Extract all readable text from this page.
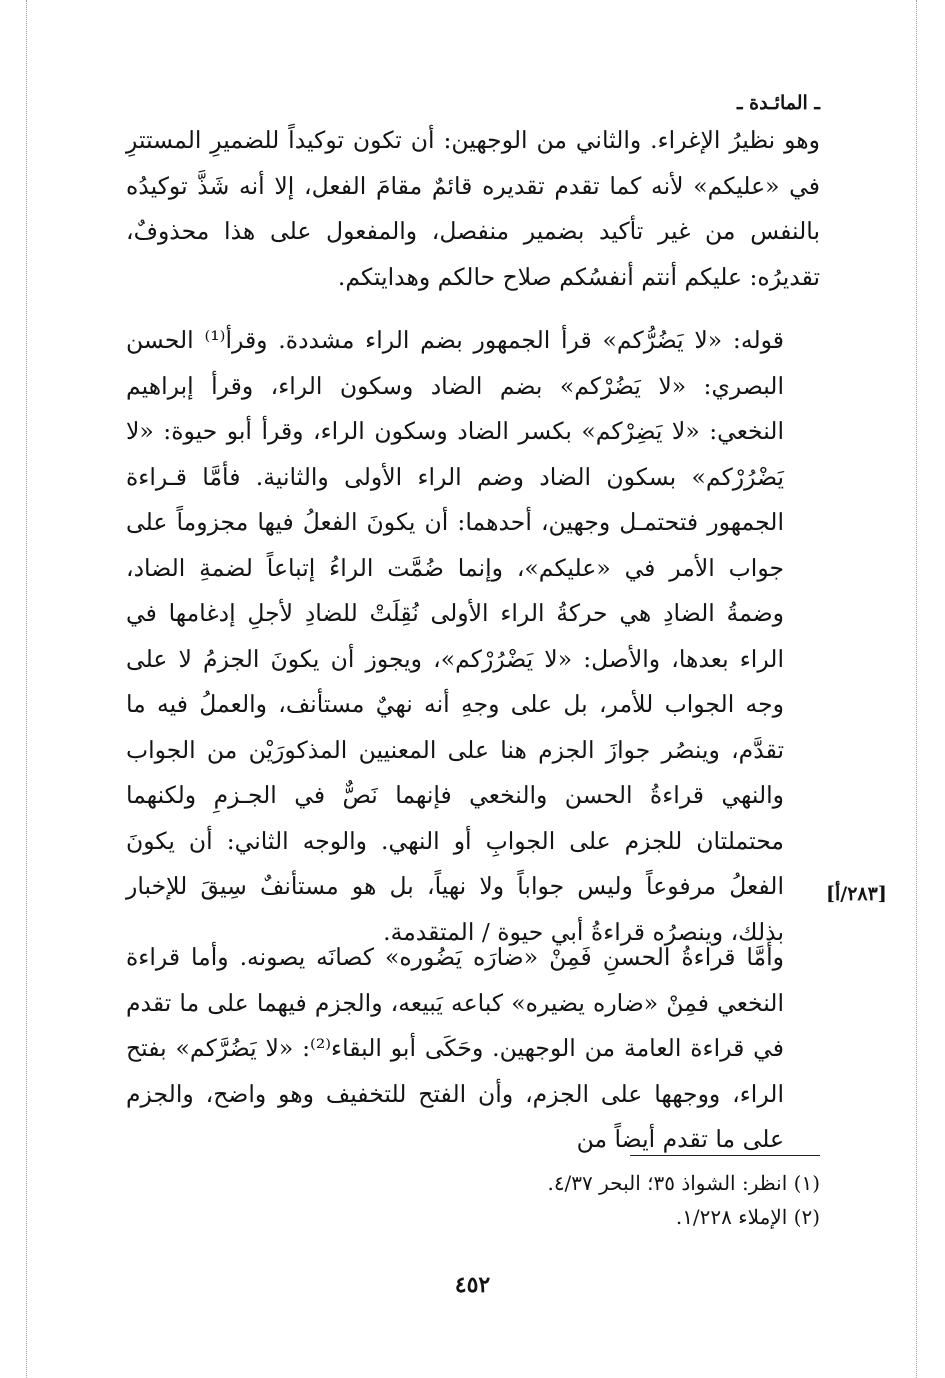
ـ المائـدة ـ

وهو نظيرُ الإغراء. والثاني من الوجهين: أن تكون توكيداً للضميرِ المستترِ في «عليكم» لأنه كما تقدم تقديره قائمٌ مقامَ الفعل، إلا أنه شَذَّ توكيدُه بالنفس من غير تأكيد بضمير منفصل، والمفعول على هذا محذوفٌ، تقديرُه: عليكم أنتم أنفسُكم صلاح حالكم وهدايتكم.

قوله: «لا يَضُرُّكم» قرأ الجمهور بضم الراء مشددة. وقرأ⁽¹⁾ الحسن البصري: «لا يَضُرْكم» بضم الضاد وسكون الراء، وقرأ إبراهيم النخعي: «لا يَضِرْكم» بكسر الضاد وسكون الراء، وقرأ أبو حيوة: «لا يَضْرُرْكم» بسكون الضاد وضم الراء الأولى والثانية. فأمَّا قـراءة الجمهور فتحتمـل وجهين، أحدهما: أن يكونَ الفعلُ فيها مجزوماً على جواب الأمر في «عليكم»، وإنما ضُمَّت الراءُ إتباعاً لضمةِ الضاد، وضمةُ الضادِ هي حركةُ الراء الأولى نُقِلَتْ للضادِ لأجلِ إدغامها في الراء بعدها، والأصل: «لا يَضْرُرْكم»، ويجوز أن يكونَ الجزمُ لا على وجه الجواب للأمر، بل على وجهِ أنه نهيٌ مستأنف، والعملُ فيه ما تقدَّم، وينصُر جوازَ الجزم هنا على المعنيين المذكورَيْن من الجواب والنهي قراءةُ الحسن والنخعي فإنهما نَصٌّ في الجـزمِ ولكنهما محتملتان للجزم على الجوابِ أو النهي. والوجه الثاني: أن يكونَ الفعلُ مرفوعاً وليس جواباً ولا نهياً، بل هو مستأنفٌ سِيقَ للإخبار بذلك، وينصرُه قراءةُ أبي حيوة / المتقدمة.

[٢٨٣/أ]

وأمَّا قراءةُ الحسنِ فَمِنْ «ضارَه يَضُوره» كصانَه يصونه. وأما قراءة النخعي فمِنْ «ضاره يضيره» كباعه يَبيعه، والجزم فيهما على ما تقدم في قراءة العامة من الوجهين. وحَكَى أبو البقاء⁽²⁾: «لا يَضُرَّكم» بفتح الراء، ووجهها على الجزم، وأن الفتح للتخفيف وهو واضح، والجزم على ما تقدم أيضاً من

(١) انظر: الشواذ ٣٥؛ البحر ٤/٣٧.
(٢) الإملاء ١/٢٢٨.
٤٥٢
